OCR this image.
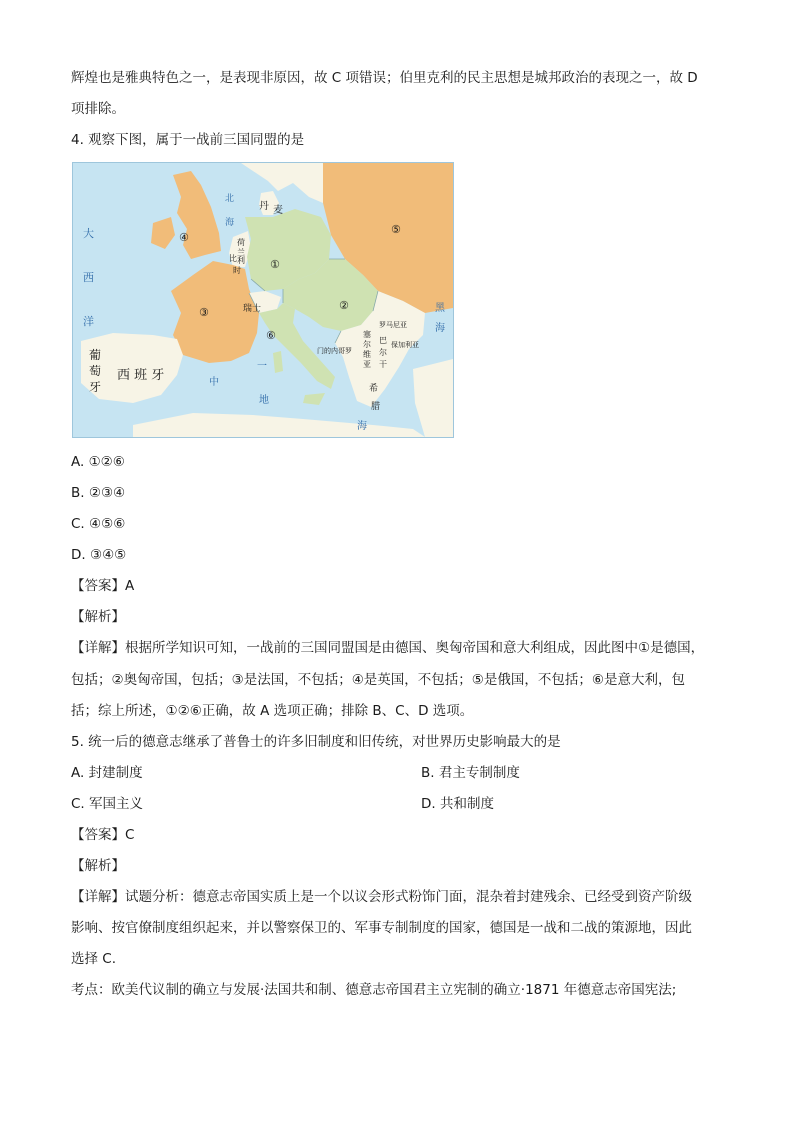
辉煌也是雅典特色之一，是表现非原因，故 C 项错误；伯里克利的民主思想是城邦政治的表现之一，故 D
项排除。
4. 观察下图，属于一战前三国同盟的是
①
②
③
④
⑤
⑥
丹 麦
荷
兰
比 利
时
瑞士
葡
萄
牙
西 班 牙
大
西
洋
北
海
罗马尼亚
保加利亚
巴
尔
干
塞
尔
维
亚
门的内哥罗
希
腊
黑
海
中
地
海
一
A. ①②⑥
B. ②③④
C. ④⑤⑥
D. ③④⑤
【答案】A
【解析】
【详解】根据所学知识可知，一战前的三国同盟国是由德国、奥匈帝国和意大利组成，因此图中①是德国，
包括；②奥匈帝国，包括；③是法国，不包括；④是英国，不包括；⑤是俄国，不包括；⑥是意大利，包
括；综上所述，①②⑥正确，故 A 选项正确；排除 B、C、D 选项。
5. 统一后的德意志继承了普鲁士的许多旧制度和旧传统，对世界历史影响最大的是
A. 封建制度	B. 君主专制制度
C. 军国主义	D. 共和制度
【答案】C
【解析】
【详解】试题分析：德意志帝国实质上是一个以议会形式粉饰门面，混杂着封建残余、已经受到资产阶级
影响、按官僚制度组织起来，并以警察保卫的、军事专制制度的国家，德国是一战和二战的策源地，因此
选择 C.
考点：欧美代议制的确立与发展·法国共和制、德意志帝国君主立宪制的确立·1871 年德意志帝国宪法;
